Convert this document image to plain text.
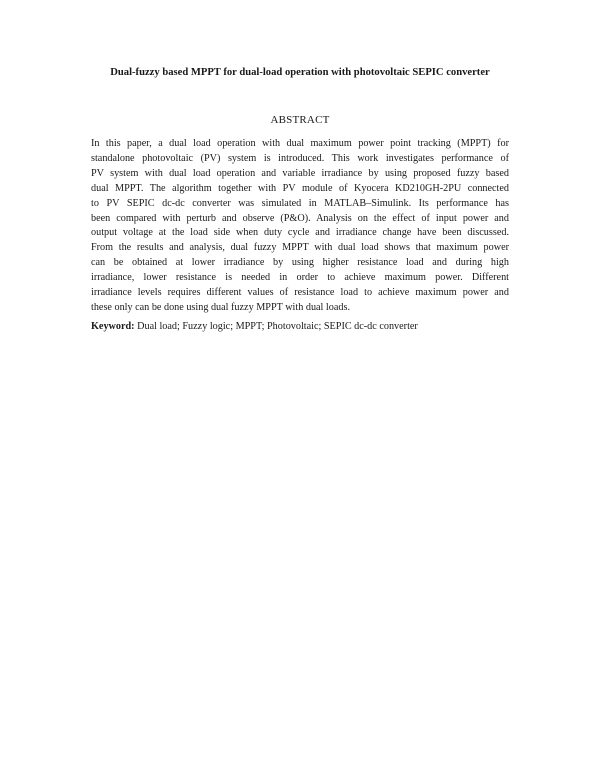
Dual-fuzzy based MPPT for dual-load operation with photovoltaic SEPIC converter
ABSTRACT
In this paper, a dual load operation with dual maximum power point tracking (MPPT) for
standalone photovoltaic (PV) system is introduced. This work investigates performance of
PV system with dual load operation and variable irradiance by using proposed fuzzy based
dual MPPT. The algorithm together with PV module of Kyocera KD210GH-2PU connected
to PV SEPIC dc-dc converter was simulated in MATLAB–Simulink. Its performance has
been compared with perturb and observe (P&O). Analysis on the effect of input power and
output voltage at the load side when duty cycle and irradiance change have been discussed.
From the results and analysis, dual fuzzy MPPT with dual load shows that maximum power
can be obtained at lower irradiance by using higher resistance load and during high
irradiance, lower resistance is needed in order to achieve maximum power. Different
irradiance levels requires different values of resistance load to achieve maximum power and
these only can be done using dual fuzzy MPPT with dual loads.
Keyword: Dual load; Fuzzy logic; MPPT; Photovoltaic; SEPIC dc-dc converter
